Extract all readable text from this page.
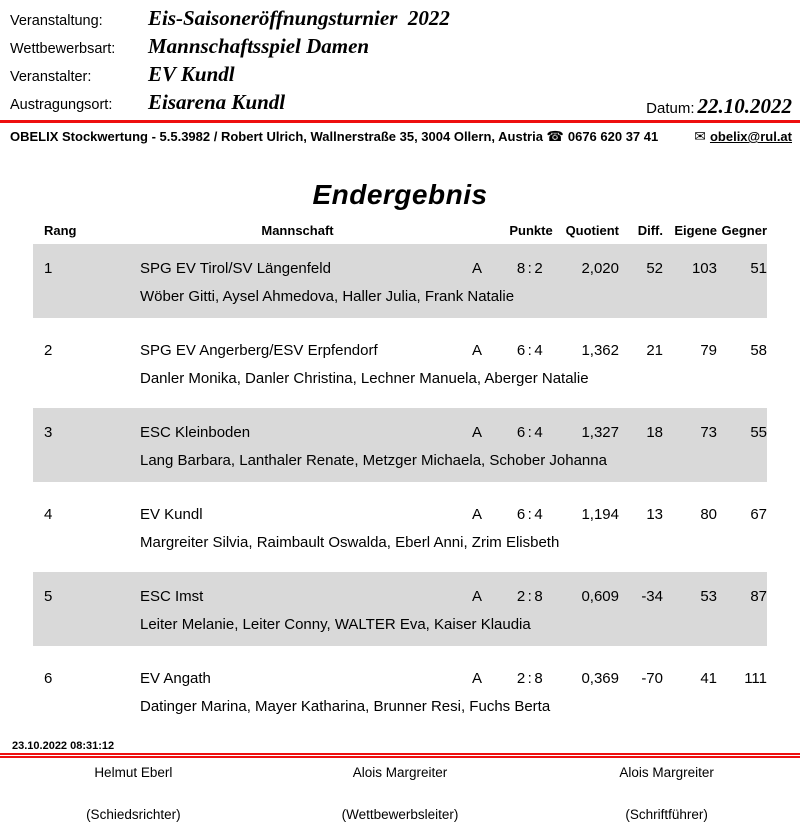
Veranstaltung:	Eis-Saisoneröffnungsturnier  2022
Wettbewerbsart:	Mannschaftsspiel Damen
Veranstalter:	EV Kundl
Austragungsort:	Eisarena Kundl	Datum: 22.10.2022
OBELIX Stockwertung - 5.5.3982 / Robert Ulrich, Wallnerstraße 35, 3004 Ollern, Austria ☎ 0676 620 37 41	✉ obelix@rul.at
Endergebnis
Rang	Mannschaft	Punkte Quotient	Diff. Eigene Gegner
1	SPG EV Tirol/SV Längenfeld	A	8:2	2,020	52	103	51
Wöber Gitti, Aysel Ahmedova, Haller Julia, Frank Natalie
2	SPG EV Angerberg/ESV Erpfendorf	A	6:4	1,362	21	79	58
Danler Monika, Danler Christina, Lechner Manuela, Aberger Natalie
3	ESC Kleinboden	A	6:4	1,327	18	73	55
Lang Barbara, Lanthaler Renate, Metzger Michaela, Schober Johanna
4	EV Kundl	A	6:4	1,194	13	80	67
Margreiter Silvia, Raimbault Oswalda, Eberl Anni, Zrim Elisbeth
5	ESC Imst	A	2:8	0,609	-34	53	87
Leiter Melanie, Leiter Conny, WALTER Eva, Kaiser Klaudia
6	EV Angath	A	2:8	0,369	-70	41	111
Datinger Marina, Mayer Katharina, Brunner Resi, Fuchs Berta
23.10.2022 08:31:12
Helmut Eberl
(Schiedsrichter)
Alois Margreiter
(Wettbewerbsleiter)
Alois Margreiter
(Schriftführer)
